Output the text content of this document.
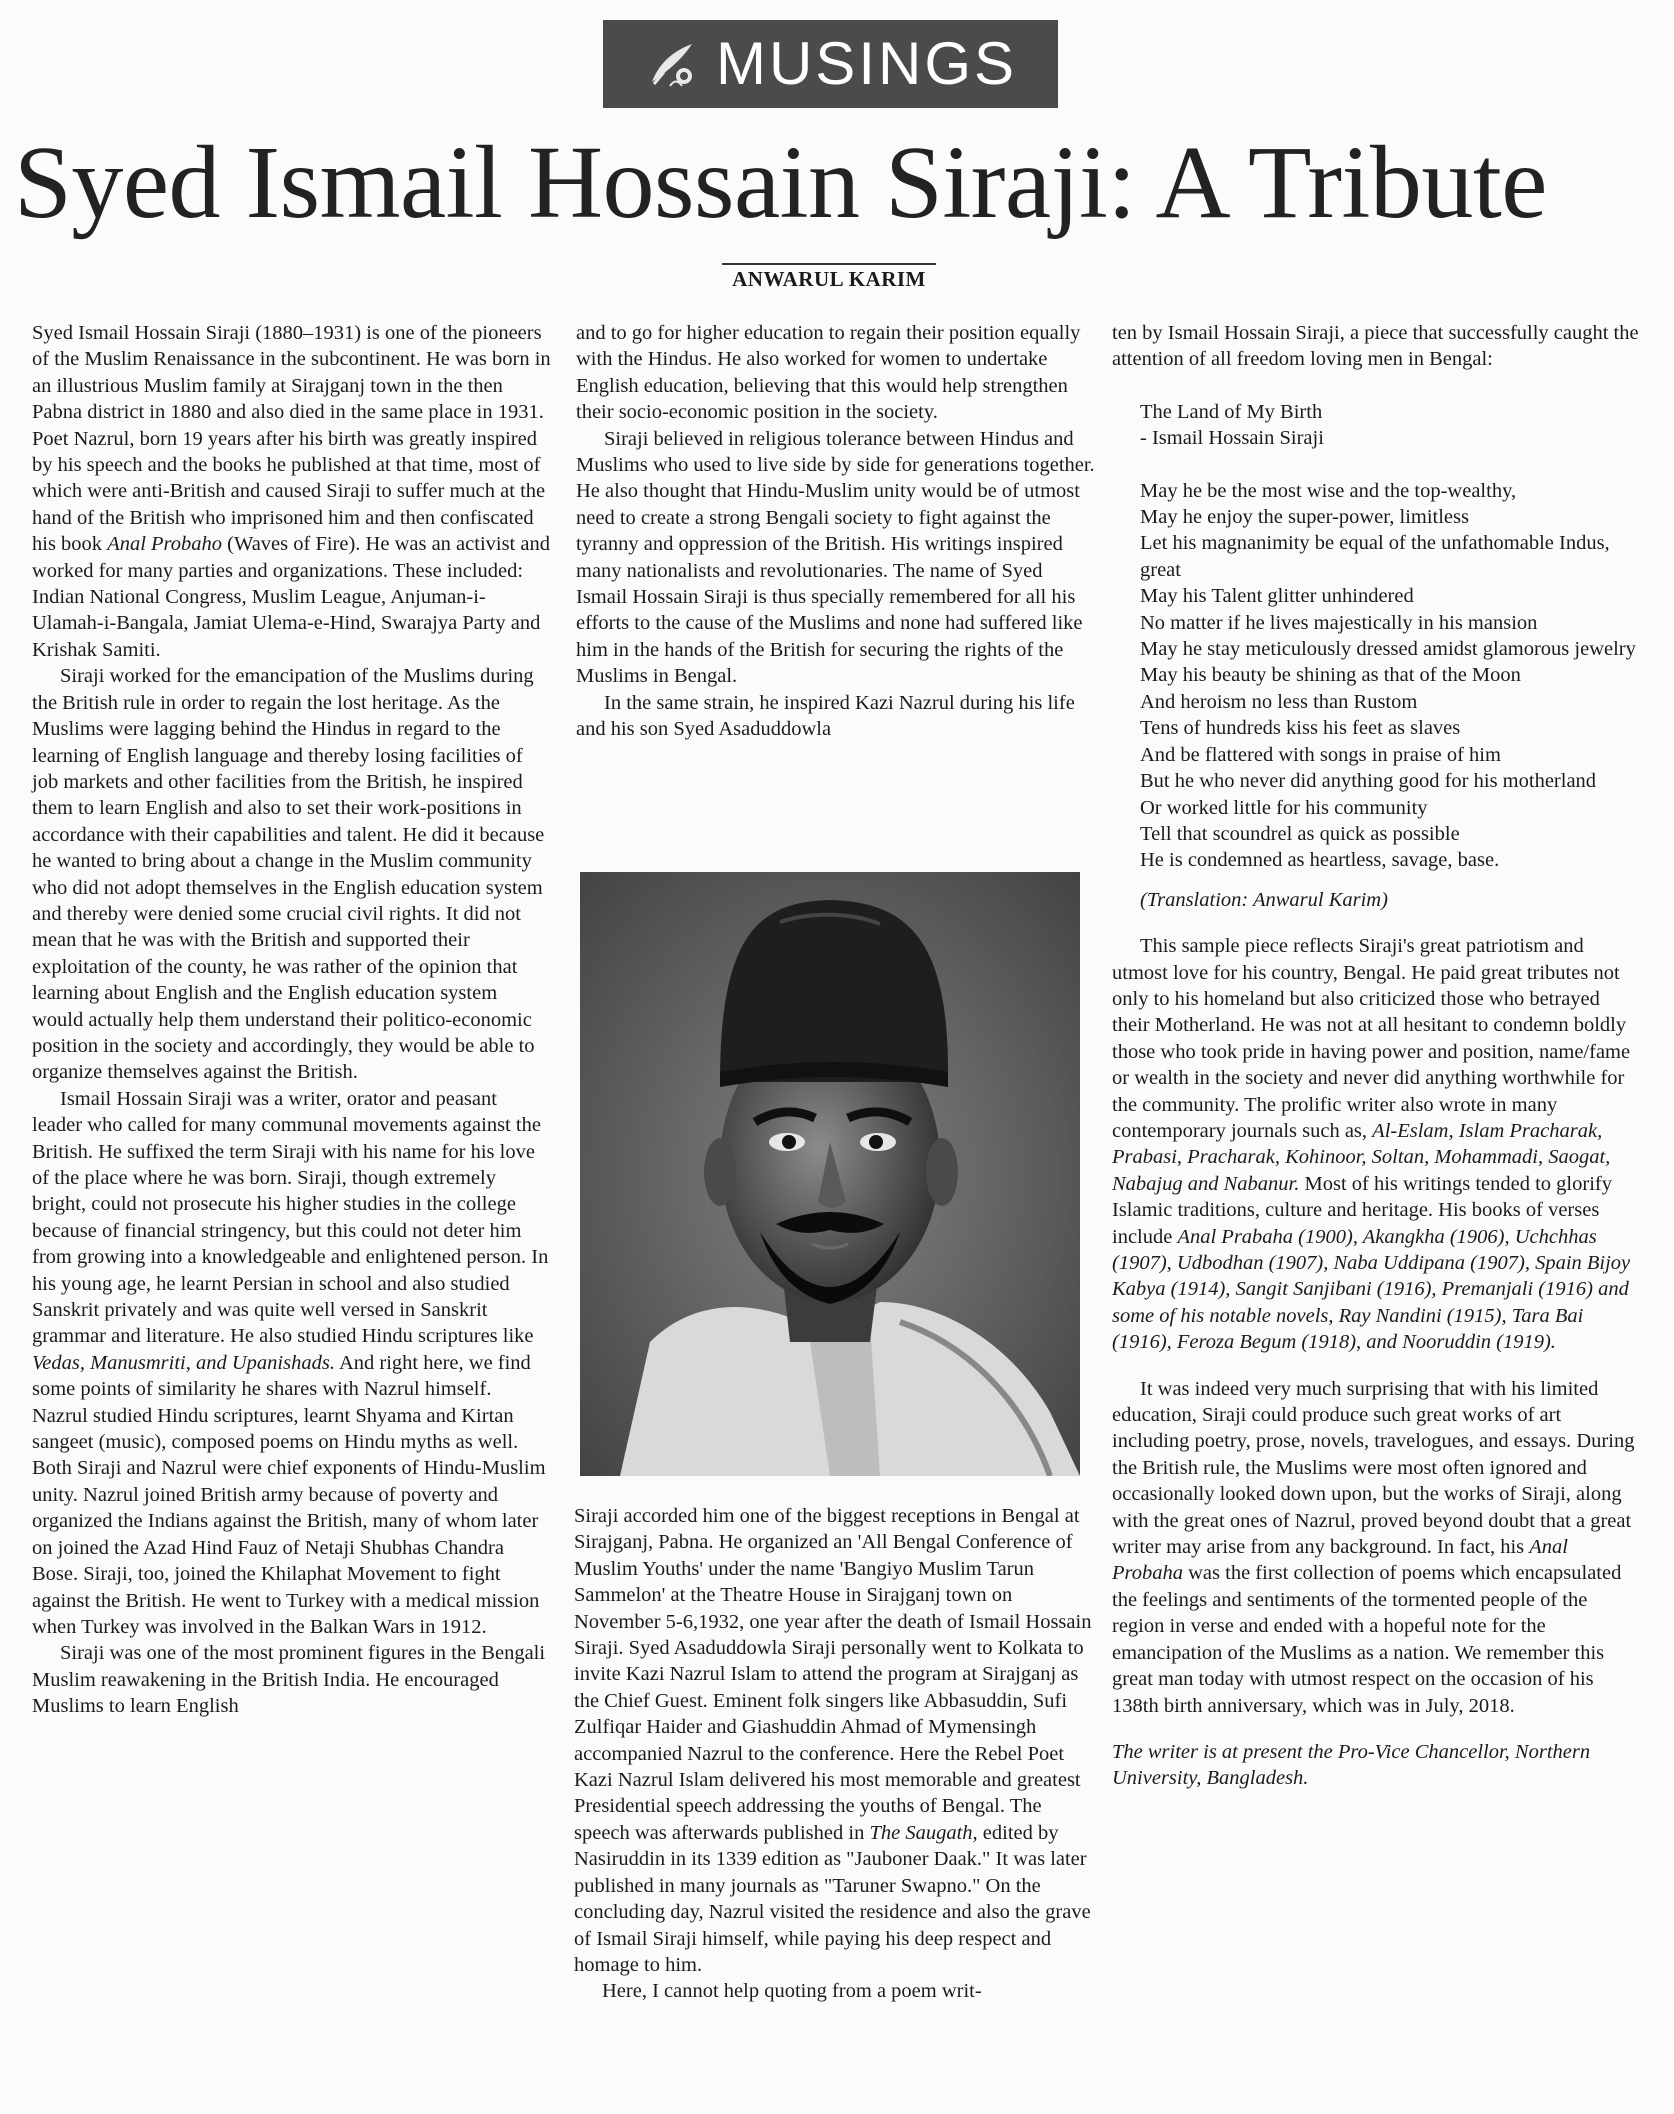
MUSINGS
Syed Ismail Hossain Siraji: A Tribute
ANWARUL KARIM

Syed Ismail Hossain Siraji (1880–1931) is one of the pioneers of the Muslim Renaissance in the subcontinent. He was born in an illustrious Muslim family at Sirajganj town in the then Pabna district in 1880 and also died in the same place in 1931. Poet Nazrul, born 19 years after his birth was greatly inspired by his speech and the books he published at that time, most of which were anti-British and caused Siraji to suffer much at the hand of the British who imprisoned him and then confiscated his book Anal Probaho (Waves of Fire). He was an activist and worked for many parties and organizations. These included: Indian National Congress, Muslim League, Anjuman-i-Ulamah-i-Bangala, Jamiat Ulema-e-Hind, Swarajya Party and Krishak Samiti.

Siraji worked for the emancipation of the Muslims during the British rule in order to regain the lost heritage. As the Muslims were lagging behind the Hindus in regard to the learning of English language and thereby losing facilities of job markets and other facilities from the British, he inspired them to learn English and also to set their work-positions in accordance with their capabilities and talent. He did it because he wanted to bring about a change in the Muslim community who did not adopt themselves in the English education system and thereby were denied some crucial civil rights. It did not mean that he was with the British and supported their exploitation of the county, he was rather of the opinion that learning about English and the English education system would actually help them understand their politico-economic position in the society and accordingly, they would be able to organize themselves against the British.

Ismail Hossain Siraji was a writer, orator and peasant leader who called for many communal movements against the British. He suffixed the term Siraji with his name for his love of the place where he was born. Siraji, though extremely bright, could not prosecute his higher studies in the college because of financial stringency, but this could not deter him from growing into a knowledgeable and enlightened person. In his young age, he learnt Persian in school and also studied Sanskrit privately and was quite well versed in Sanskrit grammar and literature. He also studied Hindu scriptures like Vedas, Manusmriti, and Upanishads. And right here, we find some points of similarity he shares with Nazrul himself. Nazrul studied Hindu scriptures, learnt Shyama and Kirtan sangeet (music), composed poems on Hindu myths as well. Both Siraji and Nazrul were chief exponents of Hindu-Muslim unity. Nazrul joined British army because of poverty and organized the Indians against the British, many of whom later on joined the Azad Hind Fauz of Netaji Shubhas Chandra Bose. Siraji, too, joined the Khilaphat Movement to fight against the British. He went to Turkey with a medical mission when Turkey was involved in the Balkan Wars in 1912.

Siraji was one of the most prominent figures in the Bengali Muslim reawakening in the British India. He encouraged Muslims to learn English

and to go for higher education to regain their position equally with the Hindus. He also worked for women to undertake English education, believing that this would help strengthen their socio-economic position in the society.

Siraji believed in religious tolerance between Hindus and Muslims who used to live side by side for generations together. He also thought that Hindu-Muslim unity would be of utmost need to create a strong Bengali society to fight against the tyranny and oppression of the British. His writings inspired many nationalists and revolutionaries. The name of Syed Ismail Hossain Siraji is thus specially remembered for all his efforts to the cause of the Muslims and none had suffered like him in the hands of the British for securing the rights of the Muslims in Bengal.

In the same strain, he inspired Kazi Nazrul during his life and his son Syed Asaduddowla

Siraji accorded him one of the biggest receptions in Bengal at Sirajganj, Pabna. He organized an 'All Bengal Conference of Muslim Youths' under the name 'Bangiyo Muslim Tarun Sammelon' at the Theatre House in Sirajganj town on November 5-6,1932, one year after the death of Ismail Hossain Siraji. Syed Asaduddowla Siraji personally went to Kolkata to invite Kazi Nazrul Islam to attend the program at Sirajganj as the Chief Guest. Eminent folk singers like Abbasuddin, Sufi Zulfiqar Haider and Giashuddin Ahmad of Mymensingh accompanied Nazrul to the conference. Here the Rebel Poet Kazi Nazrul Islam delivered his most memorable and greatest Presidential speech addressing the youths of Bengal. The speech was afterwards published in The Saugath, edited by Nasiruddin in its 1339 edition as "Jauboner Daak." It was later published in many journals as "Taruner Swapno." On the concluding day, Nazrul visited the residence and also the grave of Ismail Siraji himself, while paying his deep respect and homage to him.

Here, I cannot help quoting from a poem writ-

ten by Ismail Hossain Siraji, a piece that successfully caught the attention of all freedom loving men in Bengal:

The Land of My Birth

- Ismail Hossain Siraji

May he be the most wise and the top-wealthy,

May he enjoy the super-power, limitless

Let his magnanimity be equal of the unfathomable Indus, great

May his Talent glitter unhindered

No matter if he lives majestically in his mansion

May he stay meticulously dressed amidst glamorous jewelry

May his beauty be shining as that of the Moon

And heroism no less than Rustom

Tens of hundreds kiss his feet as slaves

And be flattered with songs in praise of him

But he who never did anything good for his motherland

Or worked little for his community

Tell that scoundrel as quick as possible

He is condemned as heartless, savage, base.

(Translation: Anwarul Karim)

This sample piece reflects Siraji's great patriotism and utmost love for his country, Bengal. He paid great tributes not only to his homeland but also criticized those who betrayed their Motherland. He was not at all hesitant to condemn boldly those who took pride in having power and position, name/fame or wealth in the society and never did anything worthwhile for the community. The prolific writer also wrote in many contemporary journals such as, Al-Eslam, Islam Pracharak, Prabasi, Pracharak, Kohinoor, Soltan, Mohammadi, Saogat, Nabajug and Nabanur. Most of his writings tended to glorify Islamic traditions, culture and heritage. His books of verses include Anal Prabaha (1900), Akangkha (1906), Uchchhas (1907), Udbodhan (1907), Naba Uddipana (1907), Spain Bijoy Kabya (1914), Sangit Sanjibani (1916), Premanjali (1916) and some of his notable novels, Ray Nandini (1915), Tara Bai (1916), Feroza Begum (1918), and Nooruddin (1919).

It was indeed very much surprising that with his limited education, Siraji could produce such great works of art including poetry, prose, novels, travelogues, and essays. During the British rule, the Muslims were most often ignored and occasionally looked down upon, but the works of Siraji, along with the great ones of Nazrul, proved beyond doubt that a great writer may arise from any background. In fact, his Anal Probaha was the first collection of poems which encapsulated the feelings and sentiments of the tormented people of the region in verse and ended with a hopeful note for the emancipation of the Muslims as a nation. We remember this great man today with utmost respect on the occasion of his 138th birth anniversary, which was in July, 2018.

The writer is at present the Pro-Vice Chancellor, Northern University, Bangladesh.
